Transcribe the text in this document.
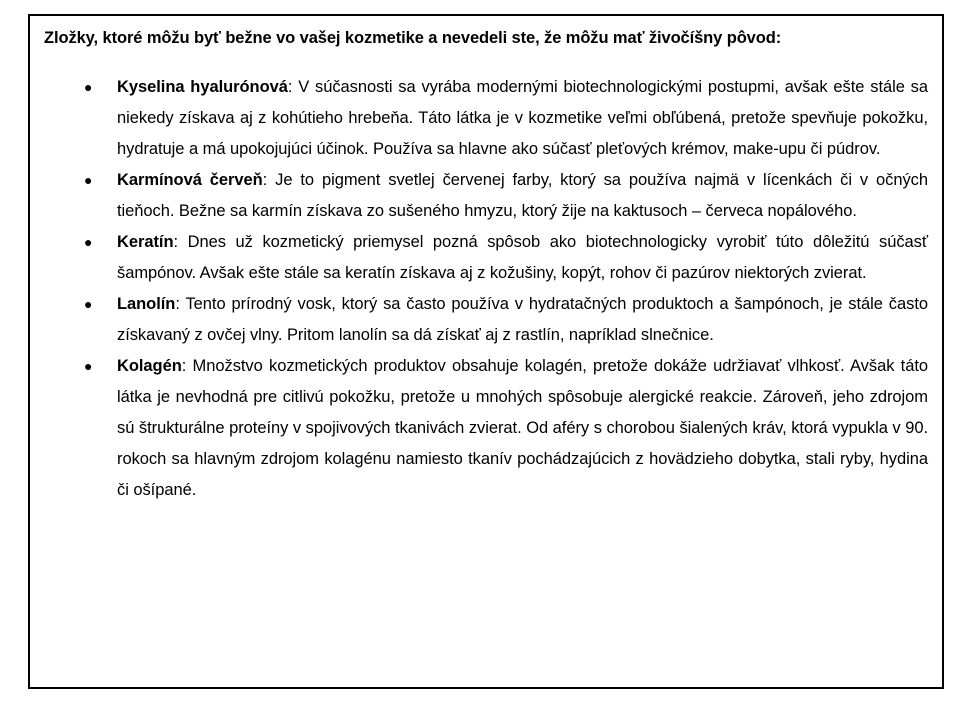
Zložky, ktoré môžu byť bežne vo vašej kozmetike a nevedeli ste, že môžu mať živočíšny pôvod:
● Kyselina hyalurónová: V súčasnosti sa vyrába modernými biotechnologickými postupmi, avšak ešte stále sa niekedy získava aj z kohútieho hrebeňa. Táto látka je v kozmetike veľmi obľúbená, pretože spevňuje pokožku, hydratuje a má upokojujúci účinok. Používa sa hlavne ako súčasť pleťových krémov, make-upu či púdrov.
● Karmínová červeň: Je to pigment svetlej červenej farby, ktorý sa používa najmä v lícenkách či v očných tieňoch. Bežne sa karmín získava zo sušeného hmyzu, ktorý žije na kaktusoch – červeca nopálového.
● Keratín: Dnes už kozmetický priemysel pozná spôsob ako biotechnologicky vyrobiť túto dôležitú súčasť šampónov. Avšak ešte stále sa keratín získava aj z kožušiny, kopýt, rohov či pazúrov niektorých zvierat.
● Lanolín: Tento prírodný vosk, ktorý sa často používa v hydratačných produktoch a šampónoch, je stále často získavaný z ovčej vlny. Pritom lanolín sa dá získať aj z rastlín, napríklad slnečnice.
● Kolagén: Množstvo kozmetických produktov obsahuje kolagén, pretože dokáže udržiavať vlhkosť. Avšak táto látka je nevhodná pre citlivú pokožku, pretože u mnohých spôsobuje alergické reakcie. Zároveň, jeho zdrojom sú štrukturálne proteíny v spojivových tkanivách zvierat. Od aféry s chorobou šialených kráv, ktorá vypukla v 90. rokoch sa hlavným zdrojom kolagénu namiesto tkanív pochádzajúcich z hovädzieho dobytka, stali ryby, hydina či ošípané.
